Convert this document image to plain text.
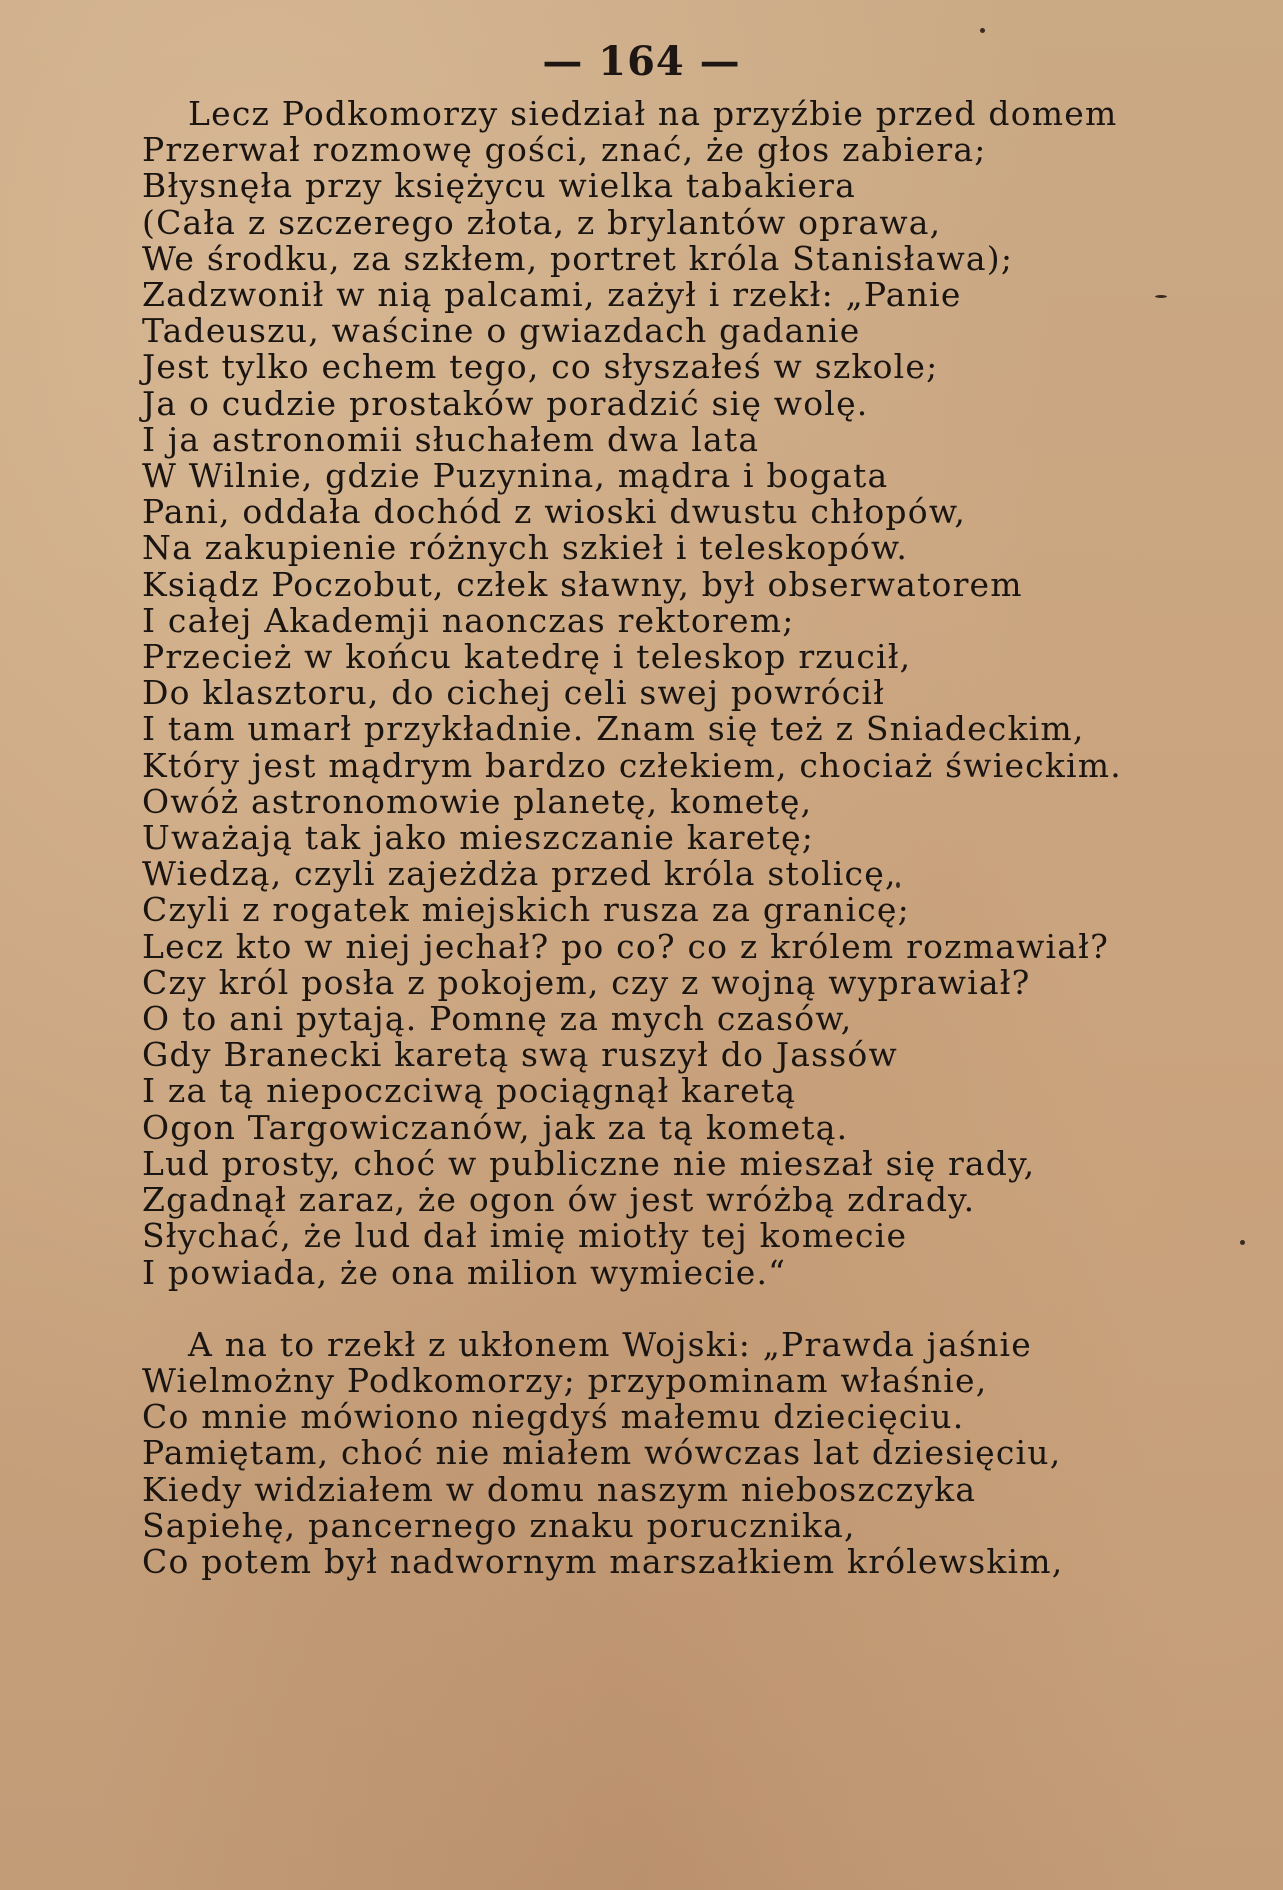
— 164 —
Lecz Podkomorzy siedział na przyźbie przed domem
Przerwał rozmowę gości, znać, że głos zabiera;
Błysnęła przy księżycu wielka tabakiera
(Cała z szczerego złota, z brylantów oprawa,
We środku, za szkłem, portret króla Stanisława);
Zadzwonił w nią palcami, zażył i rzekł: „Panie
Tadeuszu, waścine o gwiazdach gadanie
Jest tylko echem tego, co słyszałeś w szkole;
Ja o cudzie prostaków poradzić się wolę.
I ja astronomii słuchałem dwa lata
W Wilnie, gdzie Puzynina, mądra i bogata
Pani, oddała dochód z wioski dwustu chłopów,
Na zakupienie różnych szkieł i teleskopów.
Ksiądz Poczobut, człek sławny, był obserwatorem
I całej Akademji naonczas rektorem;
Przecież w końcu katedrę i teleskop rzucił,
Do klasztoru, do cichej celi swej powrócił
I tam umarł przykładnie. Znam się też z Sniadeckim,
Który jest mądrym bardzo człekiem, chociaż świeckim.
Owóż astronomowie planetę, kometę,
Uważają tak jako mieszczanie karetę;
Wiedzą, czyli zajeżdża przed króla stolicę,
Czyli z rogatek miejskich rusza za granicę;
Lecz kto w niej jechał? po co? co z królem rozmawiał?
Czy król posła z pokojem, czy z wojną wyprawiał?
O to ani pytają. Pomnę za mych czasów,
Gdy Branecki karetą swą ruszył do Jassów
I za tą niepoczciwą pociągnął karetą
Ogon Targowiczanów, jak za tą kometą.
Lud prosty, choć w publiczne nie mieszał się rady,
Zgadnął zaraz, że ogon ów jest wróżbą zdrady.
Słychać, że lud dał imię miotły tej komecie
I powiada, że ona milion wymiecie.“
A na to rzekł z ukłonem Wojski: „Prawda jaśnie
Wielmożny Podkomorzy; przypominam właśnie,
Co mnie mówiono niegdyś małemu dziecięciu.
Pamiętam, choć nie miałem wówczas lat dziesięciu,
Kiedy widziałem w domu naszym nieboszczyka
Sapiehę, pancernego znaku porucznika,
Co potem był nadwornym marszałkiem królewskim,
